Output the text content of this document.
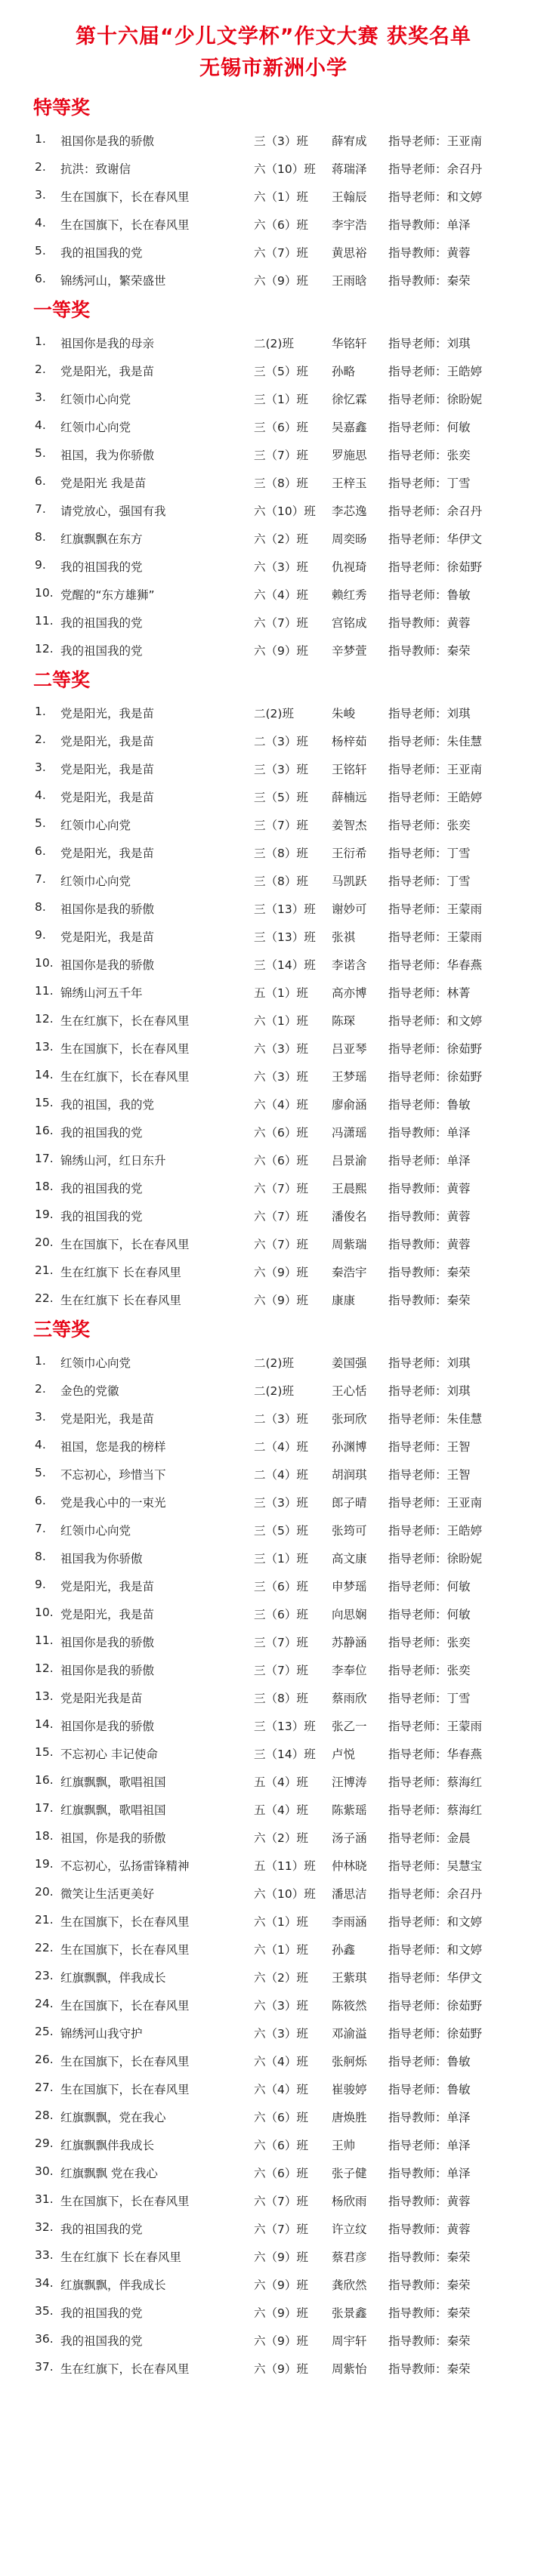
第十六届“少儿文学杯”作文大赛 获奖名单
无锡市新洲小学
特等奖
1. 祖国你是我的骄傲	三（3）班 薛宥成 指导老师：王亚南
2. 抗洪：致谢信	六（10）班 蒋瑞泽 指导老师：余召丹
3. 生在国旗下，长在春风里	六（1）班 王翰辰 指导老师：和文婷
4. 生在国旗下，长在春风里	六（6）班 李宇浩 指导教师：单泽
5. 我的祖国我的党	六（7）班 黄思裕 指导教师：黄蓉
6. 锦绣河山，繁荣盛世	六（9）班 王雨晗 指导教师：秦荣
一等奖
1. 祖国你是我的母亲	二(2)班	华铭轩 指导老师：刘琪
2. 党是阳光，我是苗	三（5）班 孙略	指导老师：王皓婷
3. 红领巾心向党	三（1）班 徐忆霖 指导老师：徐盼妮
4. 红领巾心向党	三（6）班 吴嘉鑫 指导老师：何敏
5. 祖国，我为你骄傲	三（7）班 罗施思 指导老师：张奕
6. 党是阳光 我是苗	三（8）班 王梓玉 指导老师：丁雪
7. 请党放心，强国有我	六（10）班 李芯逸 指导老师：余召丹
8. 红旗飘飘在东方	六（2）班 周奕旸 指导老师：华伊文
9. 我的祖国我的党	六（3）班 仇视琦 指导老师：徐茹野
10. 党醒的“东方雄狮”	六（4）班 赖红秀 指导老师：鲁敏
11. 我的祖国我的党	六（7）班 宫铭成 指导教师：黄蓉
12. 我的祖国我的党	六（9）班 辛梦萱 指导教师：秦荣
二等奖
1. 党是阳光，我是苗	二(2)班	朱峻	指导老师：刘琪
2. 党是阳光，我是苗	二（3）班 杨梓茹 指导老师：朱佳慧
3. 党是阳光，我是苗	三（3）班 王铭轩 指导老师：王亚南
4. 党是阳光，我是苗	三（5）班 薛楠远 指导老师：王皓婷
5. 红领巾心向党	三（7）班 姜智杰 指导老师：张奕
6. 党是阳光，我是苗	三（8）班 王衍希 指导老师：丁雪
7. 红领巾心向党	三（8）班 马凯跃 指导老师：丁雪
8. 祖国你是我的骄傲	三（13）班 谢妙可 指导老师：王蒙雨
9. 党是阳光，我是苗	三（13）班 张祺	指导老师：王蒙雨
10. 祖国你是我的骄傲	三（14）班 李诺含 指导老师：华春燕
11. 锦绣山河五千年	五（1）班 高亦博 指导老师：林菁
12. 生在红旗下，长在春风里	六（1）班 陈琛	指导老师：和文婷
13. 生在国旗下，长在春风里	六（3）班 吕亚琴 指导老师：徐茹野
14. 生在红旗下，长在春风里	六（3）班 王梦瑶 指导老师：徐茹野
15. 我的祖国，我的党	六（4）班 廖俞涵 指导老师：鲁敏
16. 我的祖国我的党	六（6）班 冯潇瑶 指导教师：单泽
17. 锦绣山河，红日东升	六（6）班 吕景渝 指导老师：单泽
18. 我的祖国我的党	六（7）班 王晨熙 指导教师：黄蓉
19. 我的祖国我的党	六（7）班 潘俊名 指导教师：黄蓉
20. 生在国旗下，长在春风里	六（7）班 周紫瑞 指导教师：黄蓉
21. 生在红旗下 长在春风里	六（9）班 秦浩宇 指导教师：秦荣
22. 生在红旗下 长在春风里	六（9）班 康康	指导教师：秦荣
三等奖
1. 红领巾心向党	二(2)班	姜国强 指导老师：刘琪
2. 金色的党徽	二(2)班	王心恬 指导老师：刘琪
3. 党是阳光，我是苗	二（3）班 张珂欣 指导老师：朱佳慧
4. 祖国，您是我的榜样	二（4）班 孙渊博 指导老师：王智
5. 不忘初心，珍惜当下	二（4）班 胡润琪 指导老师：王智
6. 党是我心中的一束光	三（3）班 郎子晴 指导老师：王亚南
7. 红领巾心向党	三（5）班 张筠可 指导老师：王皓婷
8. 祖国我为你骄傲	三（1）班 高文康 指导老师：徐盼妮
9. 党是阳光，我是苗	三（6）班 申梦瑶 指导老师：何敏
10. 党是阳光，我是苗	三（6）班 向思娴 指导老师：何敏
11. 祖国你是我的骄傲	三（7）班 苏静涵 指导老师：张奕
12. 祖国你是我的骄傲	三（7）班 李奉位 指导老师：张奕
13. 党是阳光我是苗	三（8）班 蔡雨欣 指导老师：丁雪
14. 祖国你是我的骄傲	三（13）班 张乙一 指导老师：王蒙雨
15. 不忘初心 丰记使命	三（14）班 卢悦	指导老师：华春燕
16. 红旗飘飘，歌唱祖国	五（4）班 汪博涛 指导老师：蔡海红
17. 红旗飘飘，歌唱祖国	五（4）班 陈紫瑶 指导老师：蔡海红
18. 祖国，你是我的骄傲	六（2）班 汤子涵 指导老师：金晨
19. 不忘初心，弘扬雷锋精神	五（11）班 仲林晓 指导老师：吴慧宝
20. 微笑让生活更美好	六（10）班 潘思洁 指导老师：余召丹
21. 生在国旗下，长在春风里	六（1）班 李雨涵 指导老师：和文婷
22. 生在国旗下，长在春风里	六（1）班 孙鑫	指导老师：和文婷
23. 红旗飘飘，伴我成长	六（2）班 王紫琪 指导老师：华伊文
24. 生在国旗下，长在春风里	六（3）班 陈筱然 指导老师：徐茹野
25. 锦绣河山我守护	六（3）班 邓渝溢 指导老师：徐茹野
26. 生在国旗下，长在春风里	六（4）班 张舸烁 指导老师：鲁敏
27. 生在国旗下，长在春风里	六（4）班 崔骏婷 指导老师：鲁敏
28. 红旗飘飘，党在我心	六（6）班 唐焕胜 指导教师：单泽
29. 红旗飘飘伴我成长	六（6）班 王帅	指导老师：单泽
30. 红旗飘飘 党在我心	六（6）班 张子健 指导教师：单泽
31. 生在国旗下，长在春风里	六（7）班 杨欣雨 指导教师：黄蓉
32. 我的祖国我的党	六（7）班 许立纹 指导教师：黄蓉
33. 生在红旗下 长在春风里	六（9）班 蔡君彦 指导教师：秦荣
34. 红旗飘飘，伴我成长	六（9）班 龚欣然 指导教师：秦荣
35. 我的祖国我的党	六（9）班 张景鑫 指导教师：秦荣
36. 我的祖国我的党	六（9）班 周宇轩 指导教师：秦荣
37. 生在红旗下，长在春风里	六（9）班 周紫怡 指导教师：秦荣
